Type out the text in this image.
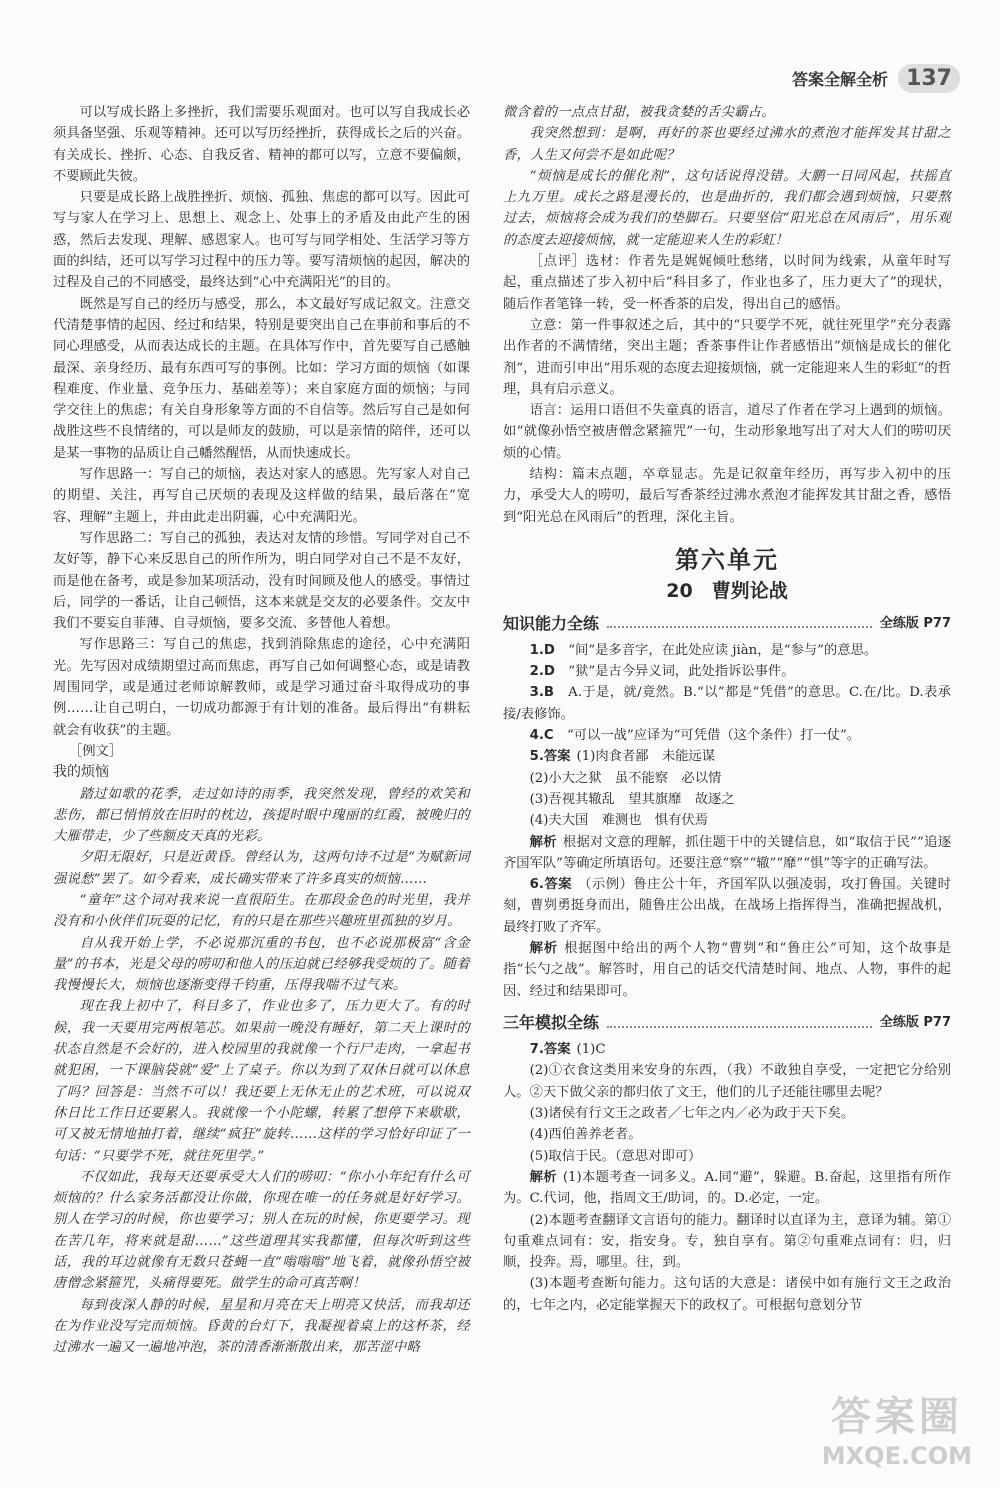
答案全解全析 137

可以写成长路上多挫折，我们需要乐观面对。也可以写自我成长必须具备坚强、乐观等精神。还可以写历经挫折，获得成长之后的兴奋。有关成长、挫折、心态、自我反省、精神的都可以写，立意不要偏颇，不要顾此失彼。

只要是成长路上战胜挫折、烦恼、孤独、焦虑的都可以写。因此可写与家人在学习上、思想上、观念上、处事上的矛盾及由此产生的困惑，然后去发现、理解、感恩家人。也可写与同学相处、生活学习等方面的纠结，还可以写学习过程中的压力等。要写清烦恼的起因，解决的过程及自己的不同感受，最终达到“心中充满阳光”的目的。

既然是写自己的经历与感受，那么，本文最好写成记叙文。注意交代清楚事情的起因、经过和结果，特别是要突出自己在事前和事后的不同心理感受，从而表达成长的主题。在具体写作中，首先要写自己感触最深、亲身经历、最有东西可写的事例。比如：学习方面的烦恼（如课程难度、作业量、竞争压力、基础差等）；来自家庭方面的烦恼；与同学交往上的焦虑；有关自身形象等方面的不自信等。然后写自己是如何战胜这些不良情绪的，可以是师友的鼓励，可以是亲情的陪伴，还可以是某一事物的品质让自己幡然醒悟，从而快速成长。

写作思路一：写自己的烦恼，表达对家人的感恩。先写家人对自己的期望、关注，再写自己厌烦的表现及这样做的结果，最后落在“宽容、理解”主题上，并由此走出阴霾，心中充满阳光。

写作思路二：写自己的孤独，表达对友情的珍惜。写同学对自己不友好等，静下心来反思自己的所作所为，明白同学对自己不是不友好，而是他在备考，或是参加某项活动，没有时间顾及他人的感受。事情过后，同学的一番话，让自己顿悟，这本来就是交友的必要条件。交友中我们不要妄自菲薄、自寻烦恼，要多交流、多替他人着想。

写作思路三：写自己的焦虑，找到消除焦虑的途径，心中充满阳光。先写因对成绩期望过高而焦虑，再写自己如何调整心态，或是请教周围同学，或是通过老师谅解教师，或是学习通过奋斗取得成功的事例……让自己明白，一切成功都源于有计划的准备。最后得出“有耕耘就会有收获”的主题。

［例文］

我的烦恼

踏过如歌的花季，走过如诗的雨季，我突然发现，曾经的欢笑和悲伤，都已悄悄放在旧时的枕边，孩提时眼中瑰丽的红霞，被晚归的大雁带走，少了些额皮天真的光彩。

夕阳无限好，只是近黄昏。曾经认为，这两句诗不过是“为赋新词强说愁”罢了。如今看来，成长确实带来了许多真实的烦恼……

“童年”这个词对我来说一直很陌生。在那段金色的时光里，我并没有和小伙伴们玩耍的记忆，有的只是在那些兴趣班里孤独的岁月。

自从我开始上学，不必说那沉重的书包，也不必说那极富“含金量”的书本，光是父母的唠叨和他人的压迫就已经够我受烦的了。随着我慢慢长大，烦恼也逐渐变得千钧重，压得我喘不过气来。

现在我上初中了，科目多了，作业也多了，压力更大了。有的时候，我一天要用完两根笔芯。如果前一晚没有睡好，第二天上课时的状态自然是不会好的，进入校园里的我就像一个行尸走肉，一拿起书就犯困，一下课脑袋就“爱”上了桌子。你以为到了双休日就可以休息了吗？回答是：当然不可以！我还要上无休无止的艺术班，可以说双休日比工作日还要累人。我就像一个小陀螺，转累了想停下来歇歇，可又被无情地抽打着，继续“疯狂”旋转……这样的学习恰好印证了一句话：“只要学不死，就往死里学。”

不仅如此，我每天还要承受大人们的唠叨：“你小小年纪有什么可烦恼的？什么家务活都没让你做，你现在唯一的任务就是好好学习。别人在学习的时候，你也要学习；别人在玩的时候，你更要学习。现在苦几年，将来就是甜……”这些道理其实我都懂，但每次听到这些话，我的耳边就像有无数只苍蝇一直“嗡嗡嗡”地飞着，就像孙悟空被唐僧念紧箍咒，头痛得要死。做学生的命可真苦啊！

每到夜深人静的时候，星星和月亮在天上明亮又快活，而我却还在为作业没写完而烦恼。昏黄的台灯下，我凝视着桌上的这杯茶，经过沸水一遍又一遍地冲泡，茶的清香渐渐散出来，那苦涩中略

微含着的一点点甘甜，被我贪婪的舌尖霸占。

我突然想到：是啊，再好的茶也要经过沸水的煮泡才能挥发其甘甜之香，人生又何尝不是如此呢？

“烦恼是成长的催化剂”，这句话说得没错。大鹏一日同风起，扶摇直上九万里。成长之路是漫长的，也是曲折的，我们都会遇到烦恼，只要熬过去，烦恼将会成为我们的垫脚石。只要坚信“阳光总在风雨后”，用乐观的态度去迎接烦恼，就一定能迎来人生的彩虹！

［点评］选材：作者先是娓娓倾吐愁绪，以时间为线索，从童年时写起，重点描述了步入初中后“科目多了，作业也多了，压力更大了”的现状，随后作者笔锋一转，受一杯香茶的启发，得出自己的感悟。

立意：第一件事叙述之后，其中的“只要学不死，就往死里学”充分表露出作者的不满情绪，突出主题；香茶事件让作者感悟出“烦恼是成长的催化剂”，进而引申出“用乐观的态度去迎接烦恼，就一定能迎来人生的彩虹”的哲理，具有启示意义。

语言：运用口语但不失童真的语言，道尽了作者在学习上遇到的烦恼。如“就像孙悟空被唐僧念紧箍咒”一句，生动形象地写出了对大人们的唠叨厌烦的心情。

结构：篇末点题，卒章显志。先是记叙童年经历，再写步入初中的压力，承受大人的唠叨，最后写香茶经过沸水煮泡才能挥发其甘甜之香，感悟到“阳光总在风雨后”的哲理，深化主旨。

第六单元
20　曹刿论战
知识能力全练	全练版 P77

1.D　 “间”是多音字，在此处应读 jiàn，是“参与”的意思。

2.D　 “狱”是古今异义词，此处指诉讼事件。

3.B　 A.于是，就/竟然。B.“以”都是“凭借”的意思。C.在/比。D.表承接/表修饰。

4.C　 “可以一战”应译为“可凭借（这个条件）打一仗”。

5.答案 (1)肉食者鄙　未能远谋

(2)小大之狱　虽不能察　必以情

(3)吾视其辙乱　望其旗靡　故逐之

(4)夫大国　难测也　惧有伏焉

解析 根据对文意的理解，抓住题干中的关键信息，如“取信于民”“追逐齐国军队”等确定所填语句。还要注意“察”“辙”“靡”“惧”等字的正确写法。

6.答案 （示例）鲁庄公十年，齐国军队以强凌弱，攻打鲁国。关键时刻，曹刿勇挺身而出，随鲁庄公出战，在战场上指挥得当，准确把握战机，最终打败了齐军。

解析 根据图中给出的两个人物“曹刿”和“鲁庄公”可知，这个故事是指“长勺之战”。解答时，用自己的话交代清楚时间、地点、人物，事件的起因、经过和结果即可。

三年模拟全练	全练版 P77

7.答案 (1)C

(2)①衣食这类用来安身的东西，（我）不敢独自享受，一定把它分给别人。②天下做父亲的都归依了文王，他们的儿子还能往哪里去呢？

(3)诸侯有行文王之政者／七年之内／必为政于天下矣。

(4)西伯善养老者。

(5)取信于民。（意思对即可）

解析 (1)本题考查一词多义。A.同“避”，躲避。B.奋起，这里指有所作为。C.代词，他，指周文王/助词，的。D.必定，一定。

(2)本题考查翻译文言语句的能力。翻译时以直译为主，意译为辅。第①句重难点词有：安，指安身。专，独自享有。第②句重难点词有：归，归顺，投奔。焉，哪里。往，到。

(3)本题考查断句能力。这句话的大意是：诸侯中如有施行文王之政治的，七年之内，必定能掌握天下的政权了。可根据句意划分节

答案圈
MXQE.COM
